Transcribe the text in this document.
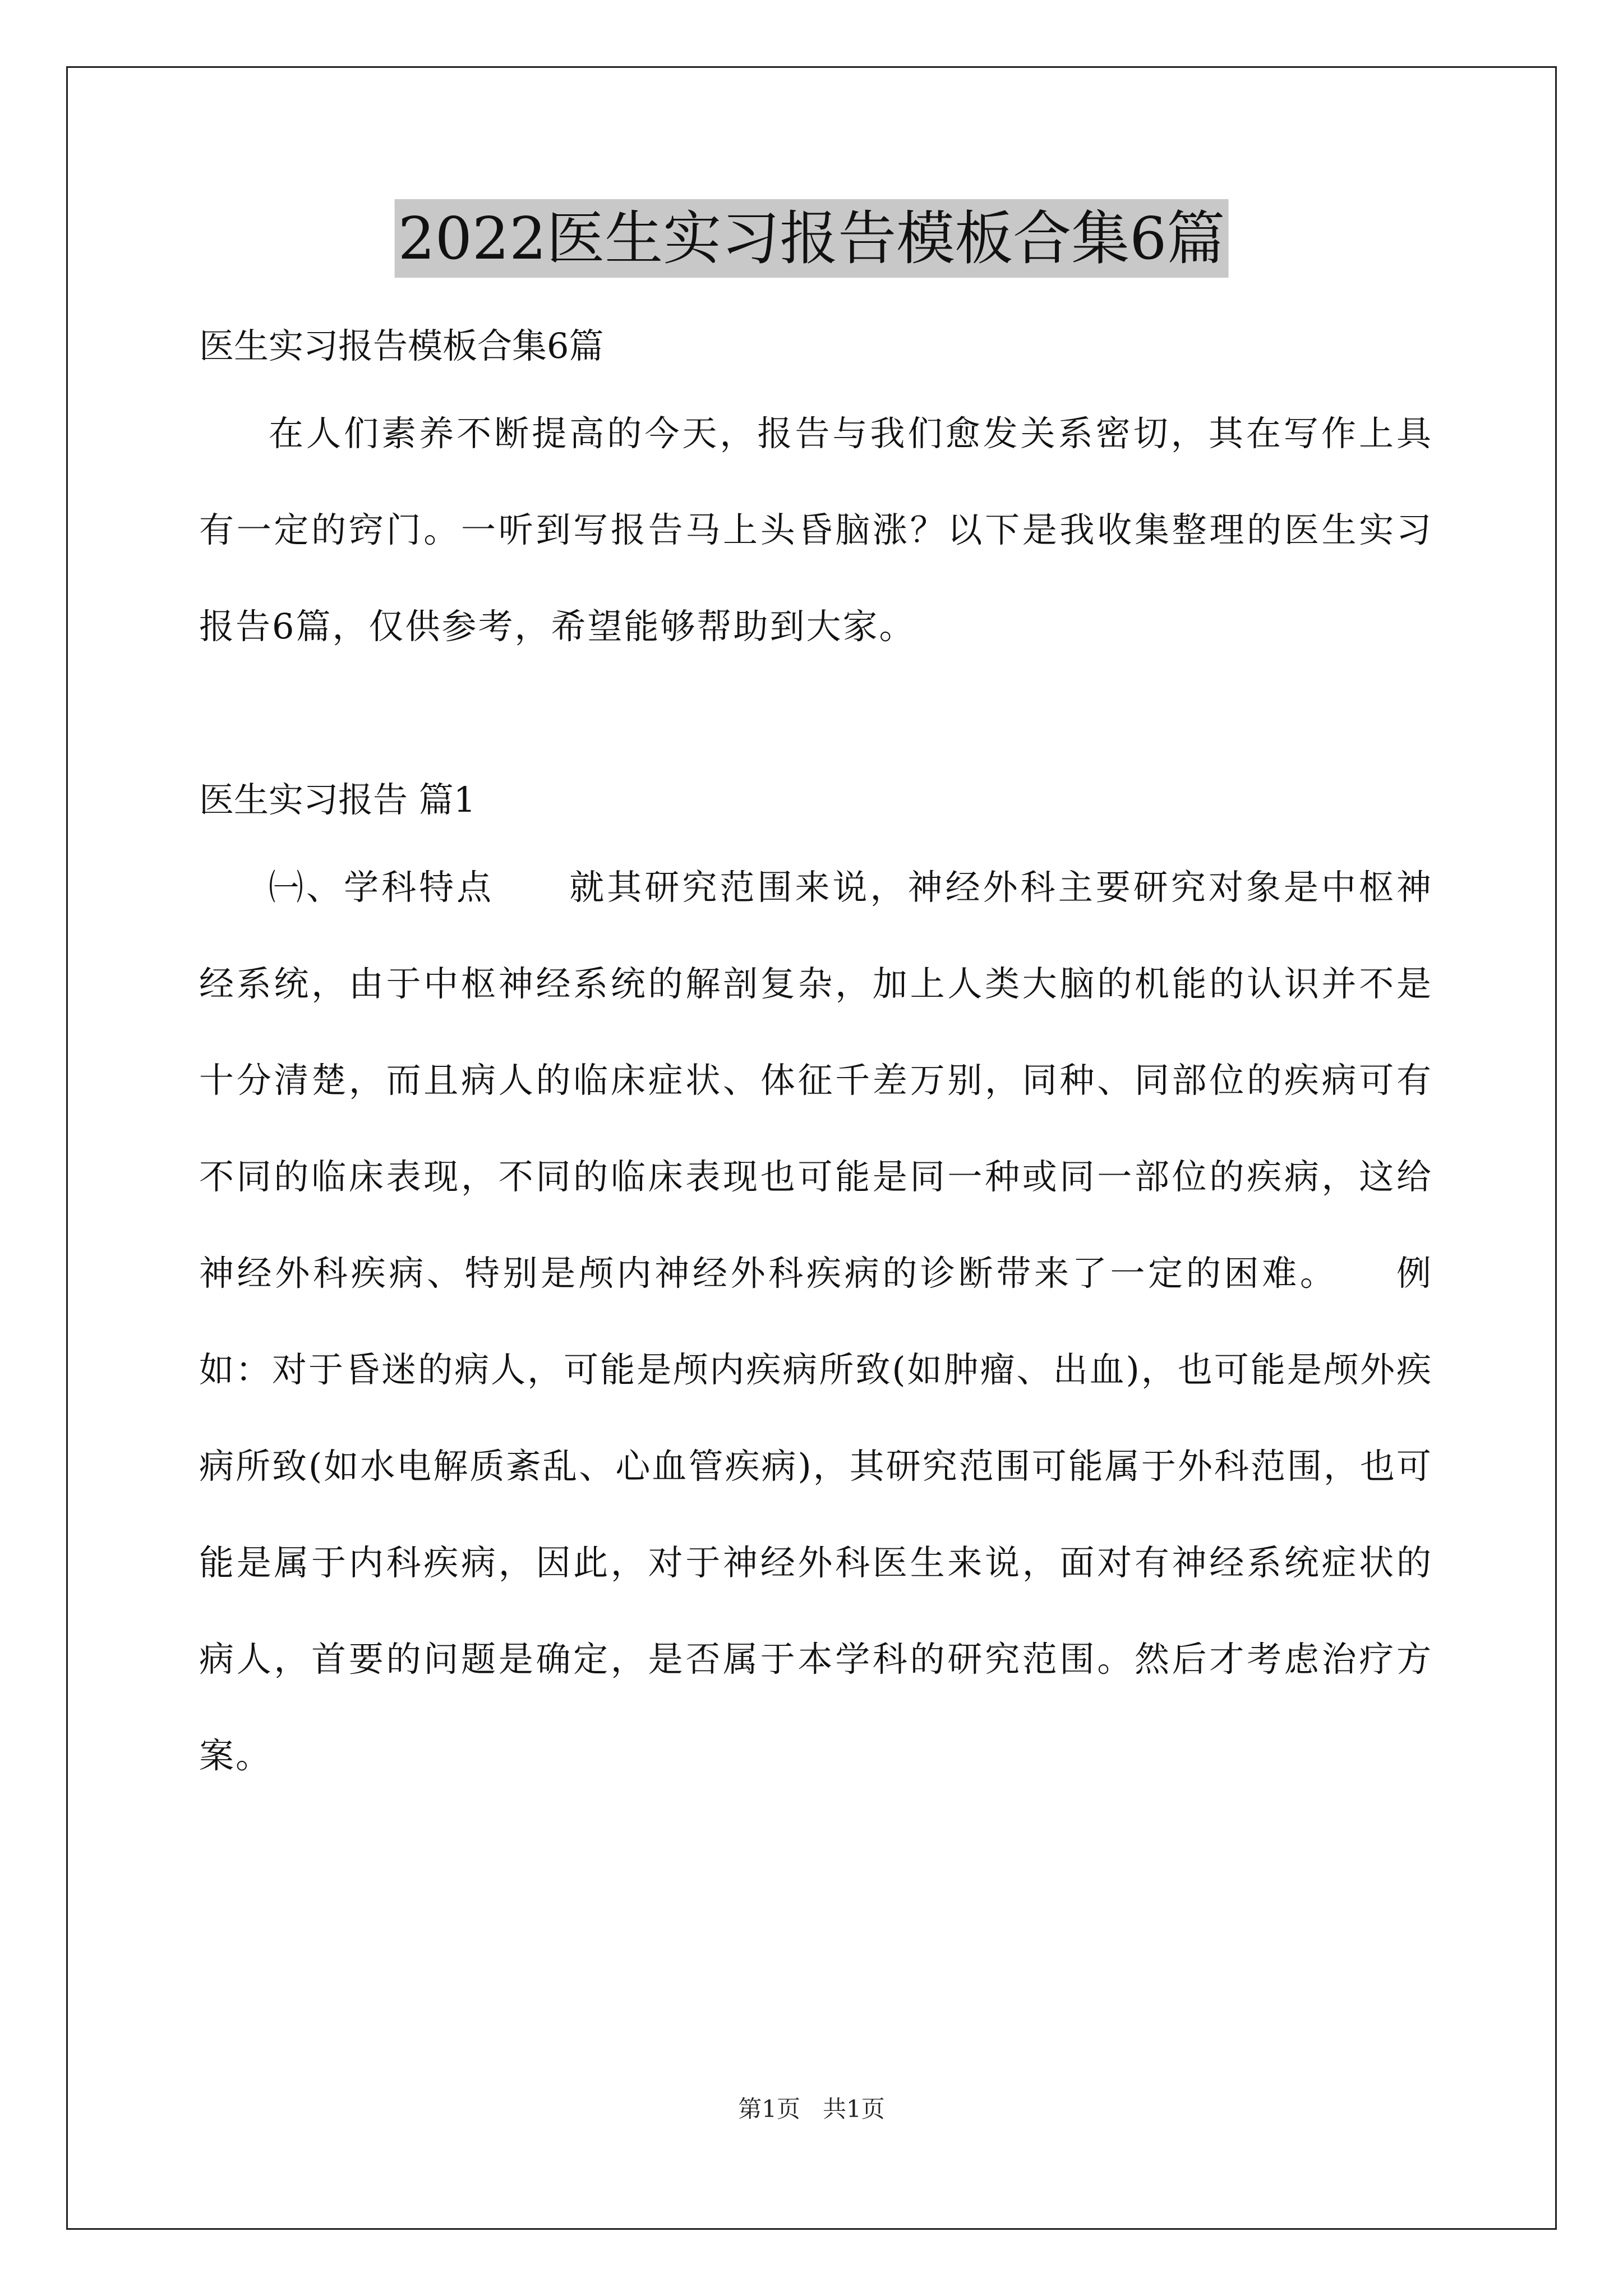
2022医生实习报告模板合集6篇
医生实习报告模板合集6篇

在人们素养不断提高的今天，报告与我们愈发关系密切，其在写作上具有一定的窍门。一听到写报告马上头昏脑涨？以下是我收集整理的医生实习报告6篇，仅供参考，希望能够帮助到大家。

医生实习报告 篇1

㈠、学科特点　　就其研究范围来说，神经外科主要研究对象是中枢神经系统，由于中枢神经系统的解剖复杂，加上人类大脑的机能的认识并不是十分清楚，而且病人的临床症状、体征千差万别，同种、同部位的疾病可有不同的临床表现，不同的临床表现也可能是同一种或同一部位的疾病，这给神经外科疾病、特别是颅内神经外科疾病的诊断带来了一定的困难。　　例如：对于昏迷的病人，可能是颅内疾病所致(如肿瘤、出血)，也可能是颅外疾病所致(如水电解质紊乱、心血管疾病)，其研究范围可能属于外科范围，也可能是属于内科疾病，因此，对于神经外科医生来说，面对有神经系统症状的病人，首要的问题是确定，是否属于本学科的研究范围。然后才考虑治疗方案。

第1页   共1页
